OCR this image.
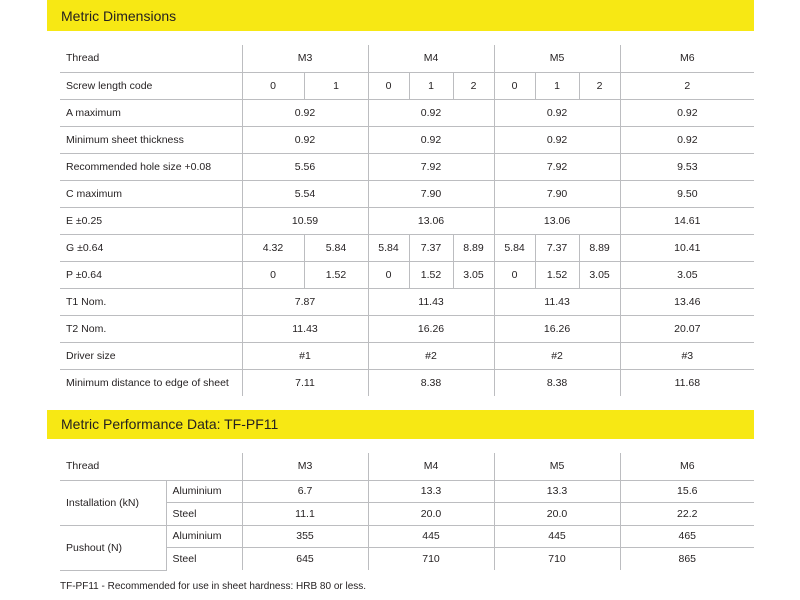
Metric Dimensions
Thread	M3		M4			M5			M6
Screw length code	0	1	0	1	2	0	1	2	2
A maximum	0.92		0.92			0.92			0.92
Minimum sheet thickness	0.92		0.92			0.92			0.92
Recommended hole size +0.08	5.56		7.92			7.92			9.53
C maximum	5.54		7.90			7.90			9.50
E ±0.25	10.59		13.06			13.06			14.61
G ±0.64	4.32	5.84	5.84	7.37	8.89	5.84	7.37	8.89	10.41
P ±0.64	0	1.52	0	1.52	3.05	0	1.52	3.05	3.05
T1 Nom.	7.87		11.43			11.43			13.46
T2 Nom.	11.43		16.26			16.26			20.07
Driver size	#1		#2			#2			#3
Minimum distance to edge of sheet	7.11		8.38			8.38			11.68
Metric Performance Data: TF-PF11
Thread		M3	M4	M5	M6
Installation (kN)	Aluminium	6.7	13.3	13.3	15.6
	Steel	11.1	20.0	20.0	22.2
Pushout (N)	Aluminium	355	445	445	465
	Steel	645	710	710	865
TF-PF11 - Recommended for use in sheet hardness: HRB 80 or less.
